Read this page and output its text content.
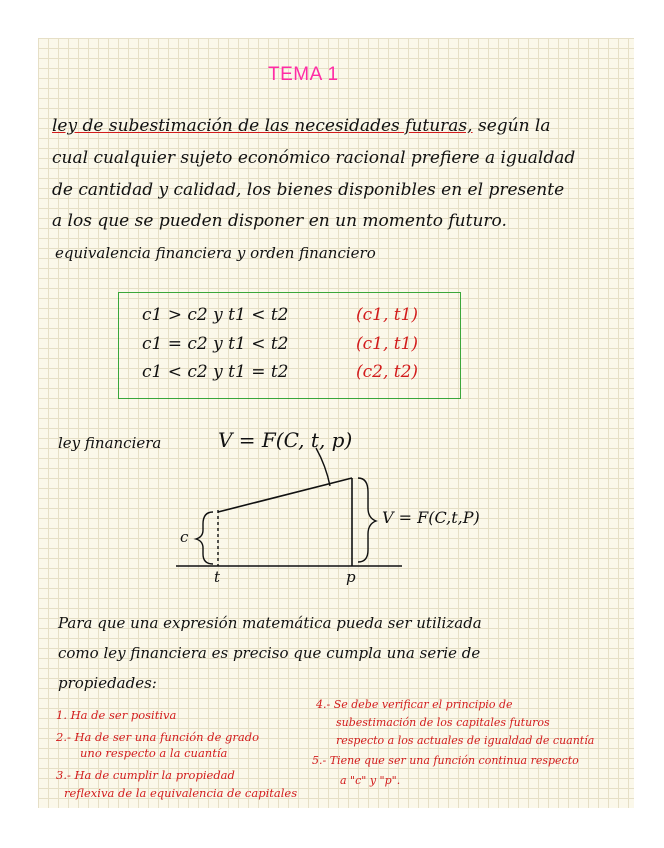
TEMA 1
ley de subestimación de las necesidades futuras, según la
cual cualquier sujeto económico racional prefiere a igualdad
de cantidad y calidad, los bienes disponibles en el presente
a los que se pueden disponer en un momento futuro.
equivalencia financiera y orden financiero
c1 > c2 y t1 < t2	(c1, t1)
c1 = c2 y t1 < t2	(c1, t1)
c1 < c2 y t1 = t2	(c2, t2)
ley financiera	V = F(C, t, p)
V = F(C,t,P)
c
t	p
Para que una expresión matemática pueda ser utilizada
como ley financiera es preciso que cumpla una serie de
propiedades:
1. Ha de ser positiva
2.- Ha de ser una función de grado
uno respecto a la cuantía
3.- Ha de cumplir la propiedad
reflexiva de la equivalencia de capitales
4.- Se debe verificar el principio de
subestimación de los capitales futuros
respecto a los actuales de igualdad de cuantía
5.- Tiene que ser una función continua respecto
a "c" y "p".
